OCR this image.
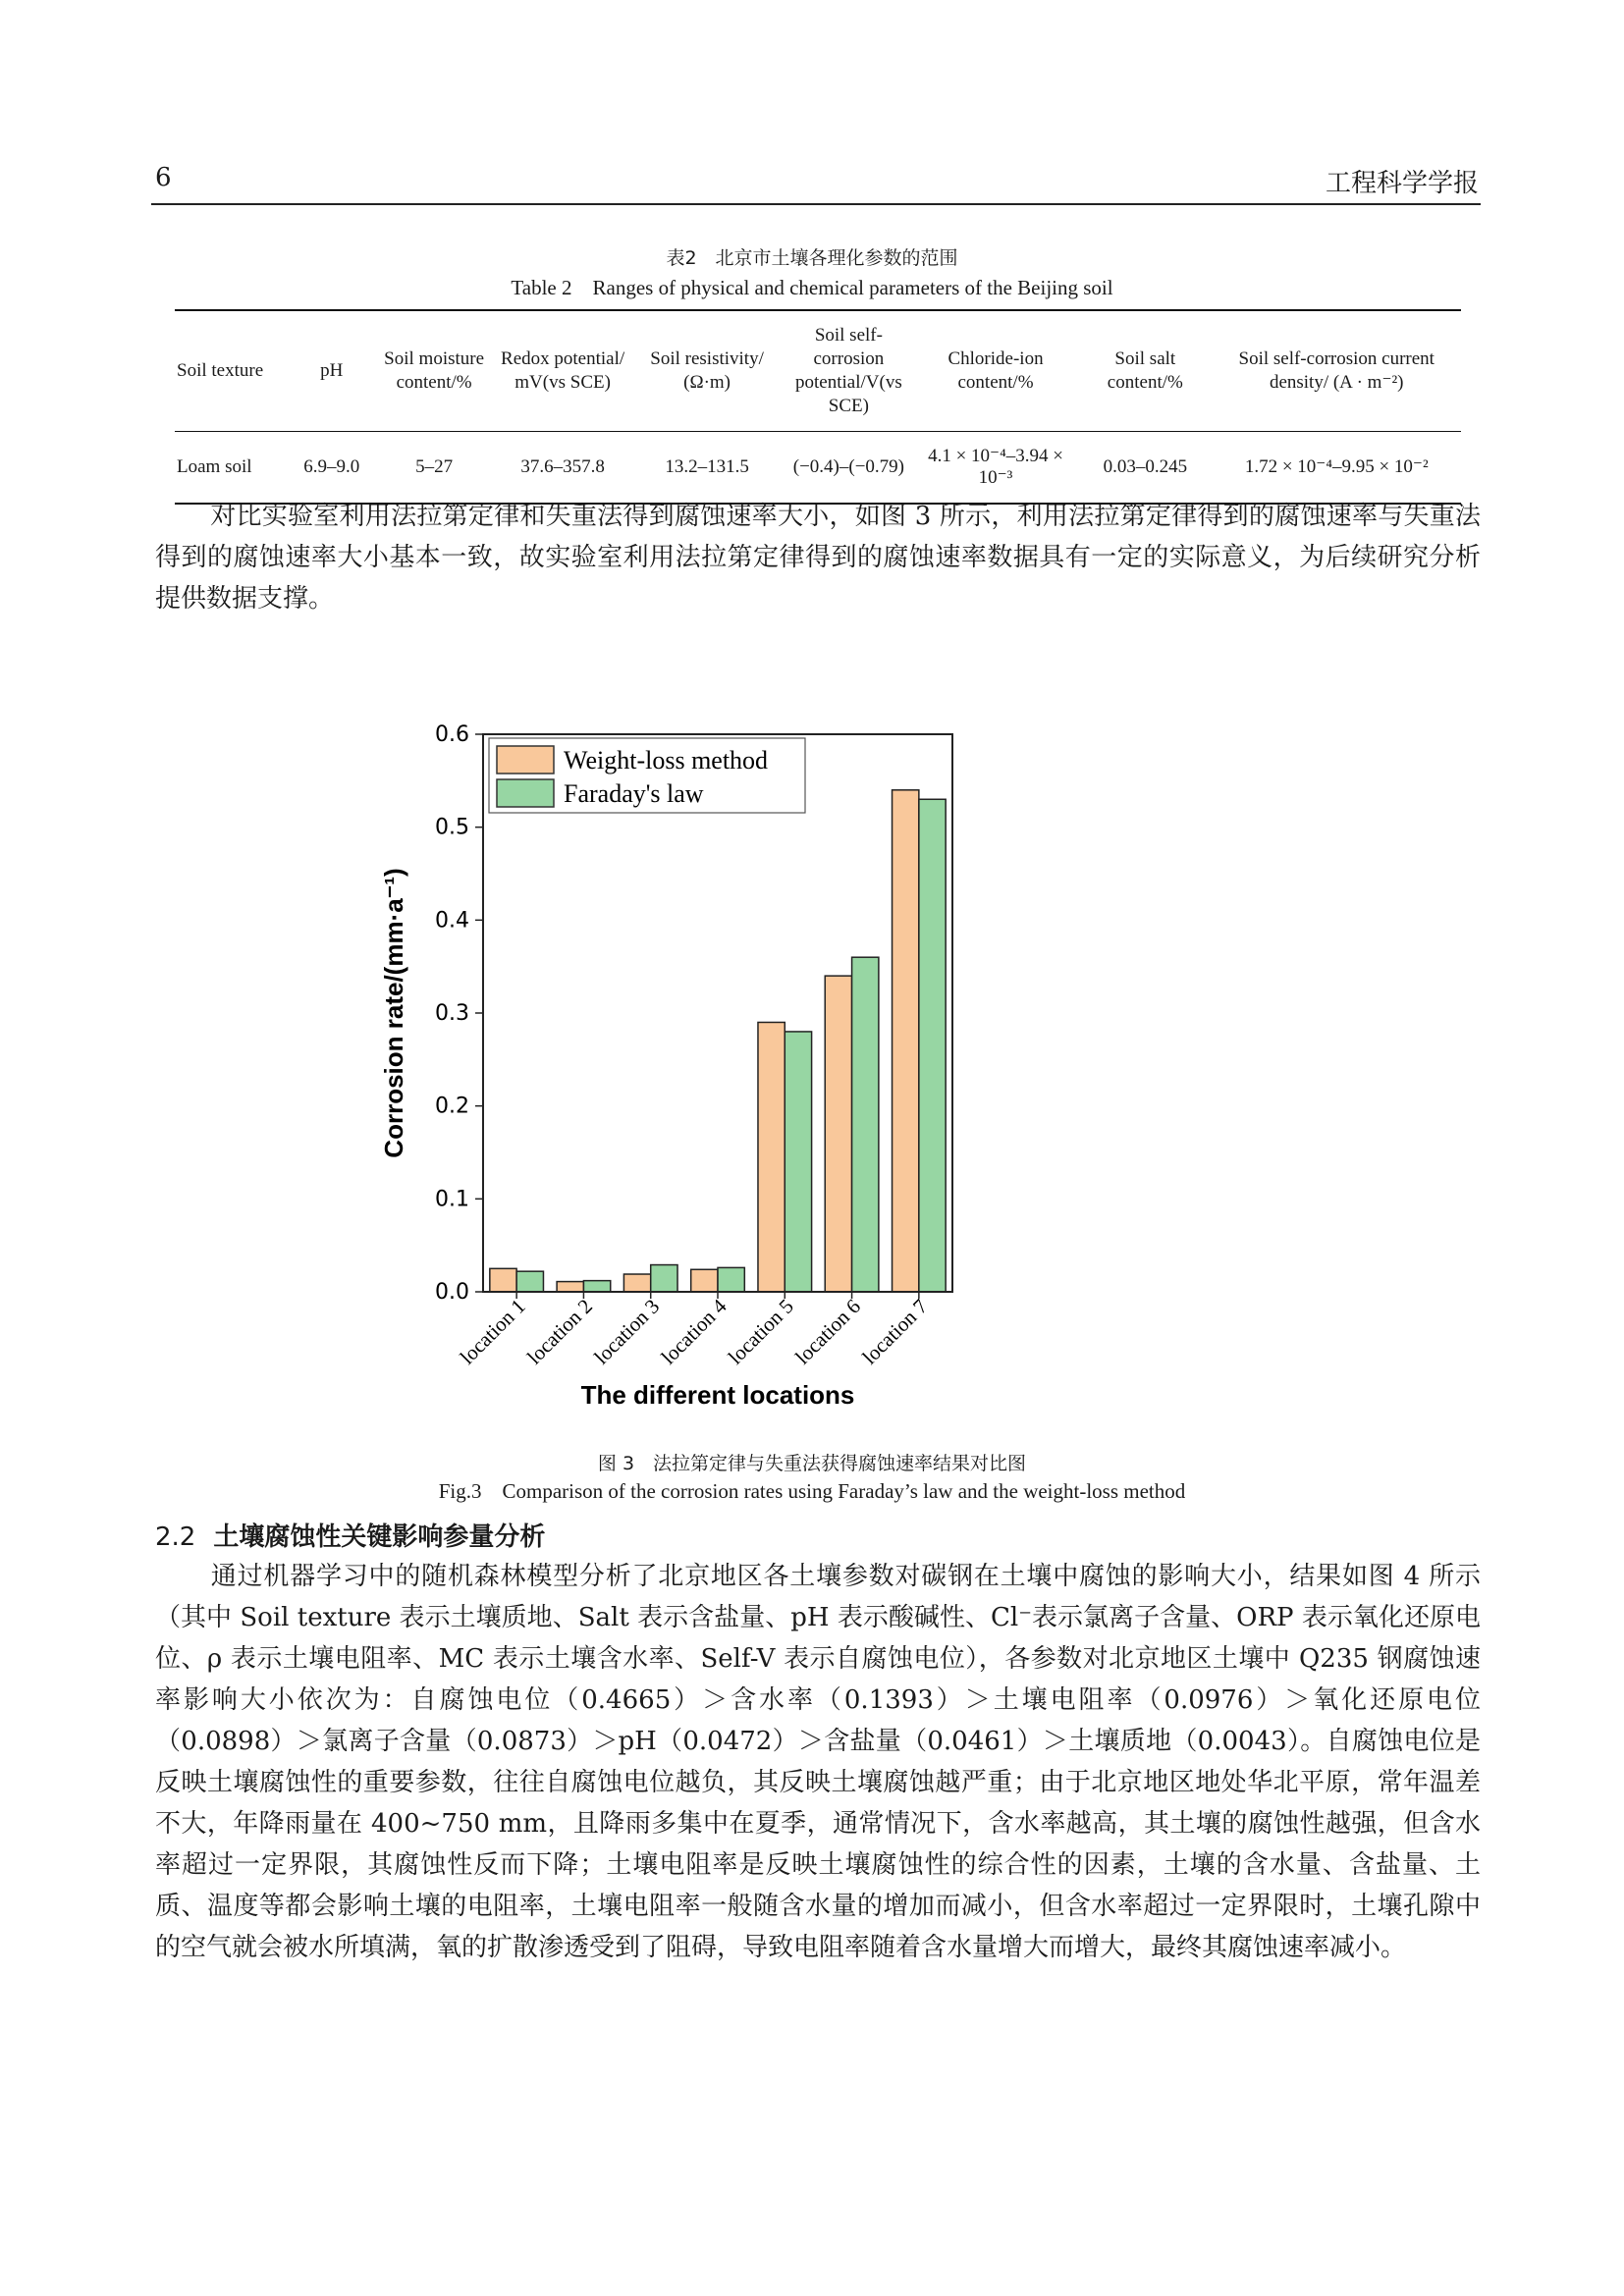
6	工程科学学报
表2　北京市土壤各理化参数的范围
Table 2　Ranges of physical and chemical parameters of the Beijing soil
Soil texture	pH	Soil moisture content/%	Redox potential/ mV(vs SCE)	Soil resistivity/ (Ω·m)	Soil self-corrosion potential/V(vs SCE)	Chloride-ion content/%	Soil salt content/%	Soil self-corrosion current density/ (A · m⁻²)
Loam soil	6.9–9.0	5–27	37.6–357.8	13.2–131.5	(−0.4)–(−0.79)	4.1 × 10⁻⁴–3.94 × 10⁻³	0.03–0.245	1.72 × 10⁻⁴–9.95 × 10⁻²
对比实验室利用法拉第定律和失重法得到腐蚀速率大小，如图 3 所示，利用法拉第定律得到的腐蚀速率与失重法得到的腐蚀速率大小基本一致，故实验室利用法拉第定律得到的腐蚀速率数据具有一定的实际意义，为后续研究分析提供数据支撑。
0.0
0.1
0.2
0.3
0.4
0.5
0.6
location 1
location 2
location 3
location 4
location 5
location 6
location 7
Corrosion rate/(mm·a⁻¹)
The different locations
Weight-loss method
Faraday's law
图 3　法拉第定律与失重法获得腐蚀速率结果对比图
Fig.3　Comparison of the corrosion rates using Faraday’s law and the weight-loss method
2.2 土壤腐蚀性关键影响参量分析
通过机器学习中的随机森林模型分析了北京地区各土壤参数对碳钢在土壤中腐蚀的影响大小，结果如图 4 所示（其中 Soil texture 表示土壤质地、Salt 表示含盐量、pH 表示酸碱性、Cl⁻表示氯离子含量、ORP 表示氧化还原电位、ρ 表示土壤电阻率、MC 表示土壤含水率、Self-V 表示自腐蚀电位），各参数对北京地区土壤中 Q235 钢腐蚀速率影响大小依次为：自腐蚀电位（0.4665）＞含水率（0.1393）＞土壤电阻率（0.0976）＞氧化还原电位（0.0898）＞氯离子含量（0.0873）＞pH（0.0472）＞含盐量（0.0461）＞土壤质地（0.0043）。自腐蚀电位是反映土壤腐蚀性的重要参数，往往自腐蚀电位越负，其反映土壤腐蚀越严重；由于北京地区地处华北平原，常年温差不大，年降雨量在 400~750 mm，且降雨多集中在夏季，通常情况下，含水率越高，其土壤的腐蚀性越强，但含水率超过一定界限，其腐蚀性反而下降；土壤电阻率是反映土壤腐蚀性的综合性的因素，土壤的含水量、含盐量、土质、温度等都会影响土壤的电阻率，土壤电阻率一般随含水量的增加而减小，但含水率超过一定界限时，土壤孔隙中的空气就会被水所填满，氧的扩散渗透受到了阻碍，导致电阻率随着含水量增大而增大，最终其腐蚀速率减小。
